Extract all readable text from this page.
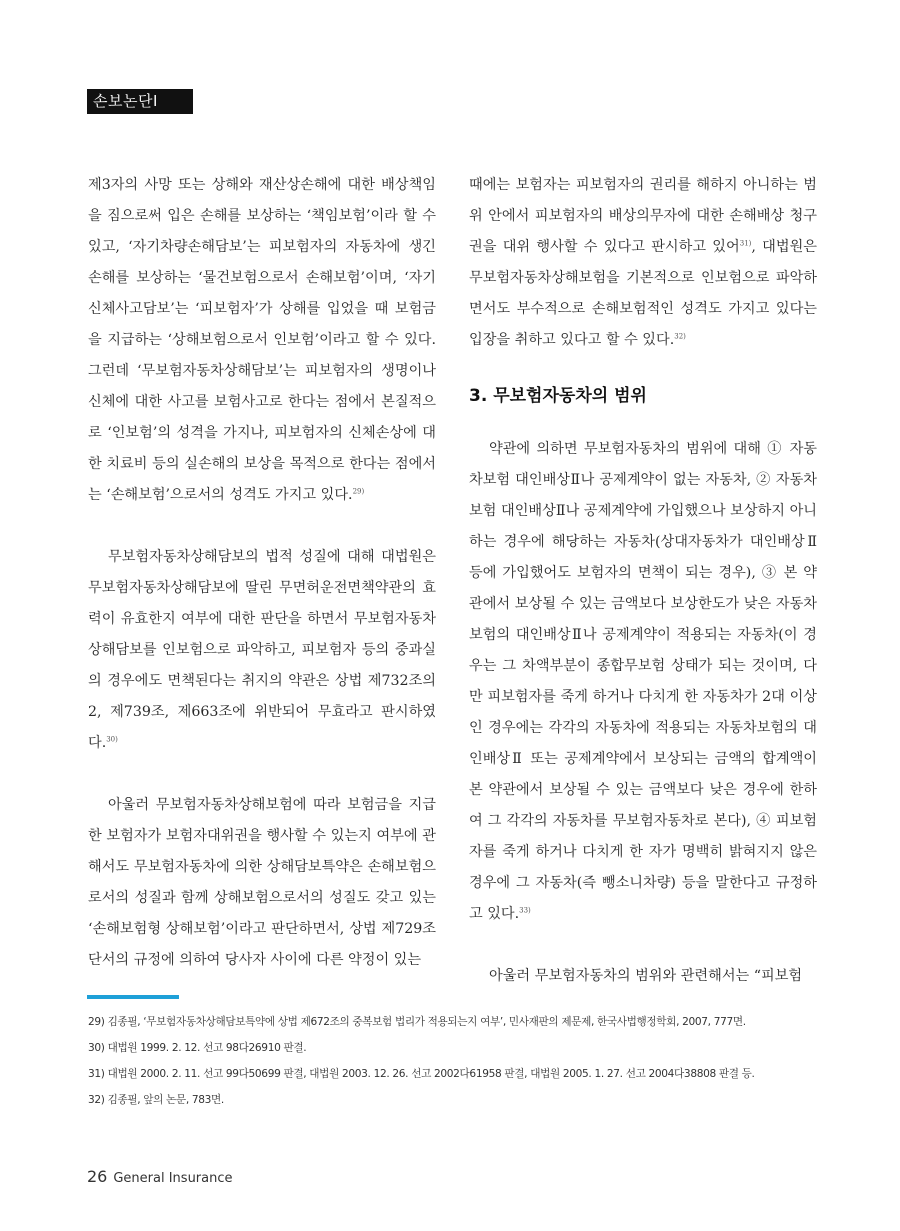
손보논단Ⅰ

제3자의 사망 또는 상해와 재산상손해에 대한 배상책임을 짐으로써 입은 손해를 보상하는 ‘책임보험’이라 할 수 있고, ‘자기차량손해담보’는 피보험자의 자동차에 생긴 손해를 보상하는 ‘물건보험으로서 손해보험’이며, ‘자기신체사고담보’는 ‘피보험자’가 상해를 입었을 때 보험금을 지급하는 ‘상해보험으로서 인보험’이라고 할 수 있다. 그런데 ‘무보험자동차상해담보’는 피보험자의 생명이나 신체에 대한 사고를 보험사고로 한다는 점에서 본질적으로 ‘인보험’의 성격을 가지나, 피보험자의 신체손상에 대한 치료비 등의 실손해의 보상을 목적으로 한다는 점에서는 ‘손해보험’으로서의 성격도 가지고 있다.$^{29)}$

무보험자동차상해담보의 법적 성질에 대해 대법원은 무보험자동차상해담보에 딸린 무면허운전면책약관의 효력이 유효한지 여부에 대한 판단을 하면서 무보험자동차상해담보를 인보험으로 파악하고, 피보험자 등의 중과실의 경우에도 면책된다는 취지의 약관은 상법 제732조의2, 제739조, 제663조에 위반되어 무효라고 판시하였다.$^{30)}$

아울러 무보험자동차상해보험에 따라 보험금을 지급한 보험자가 보험자대위권을 행사할 수 있는지 여부에 관해서도 무보험자동차에 의한 상해담보특약은 손해보험으로서의 성질과 함께 상해보험으로서의 성질도 갖고 있는 ‘손해보험형 상해보험’이라고 판단하면서, 상법 제729조 단서의 규정에 의하여 당사자 사이에 다른 약정이 있는

때에는 보험자는 피보험자의 권리를 해하지 아니하는 범위 안에서 피보험자의 배상의무자에 대한 손해배상 청구권을 대위 행사할 수 있다고 판시하고 있어$^{31)}$, 대법원은 무보험자동차상해보험을 기본적으로 인보험으로 파악하면서도 부수적으로 손해보험적인 성격도 가지고 있다는 입장을 취하고 있다고 할 수 있다.$^{32)}$

3. 무보험자동차의 범위

약관에 의하면 무보험자동차의 범위에 대해 ① 자동차보험 대인배상Ⅱ나 공제계약이 없는 자동차, ② 자동차보험 대인배상Ⅱ나 공제계약에 가입했으나 보상하지 아니하는 경우에 해당하는 자동차(상대자동차가 대인배상Ⅱ 등에 가입했어도 보험자의 면책이 되는 경우), ③ 본 약관에서 보상될 수 있는 금액보다 보상한도가 낮은 자동차보험의 대인배상Ⅱ나 공제계약이 적용되는 자동차(이 경우는 그 차액부분이 종합무보험 상태가 되는 것이며, 다만 피보험자를 죽게 하거나 다치게 한 자동차가 2대 이상인 경우에는 각각의 자동차에 적용되는 자동차보험의 대인배상Ⅱ 또는 공제계약에서 보상되는 금액의 합계액이 본 약관에서 보상될 수 있는 금액보다 낮은 경우에 한하여 그 각각의 자동차를 무보험자동차로 본다), ④ 피보험자를 죽게 하거나 다치게 한 자가 명백히 밝혀지지 않은 경우에 그 자동차(즉 뺑소니차량) 등을 말한다고 규정하고 있다.$^{33)}$

아울러 무보험자동차의 범위와 관련해서는 “피보험

29) 김종필, ‘무보험자동차상해담보특약에 상법 제672조의 중복보험 법리가 적용되는지 여부’, 민사재판의 제문제, 한국사법행정학회, 2007, 777면.
30) 대법원 1999. 2. 12. 선고 98다26910 판결.
31) 대법원 2000. 2. 11. 선고 99다50699 판결, 대법원 2003. 12. 26. 선고 2002다61958 판결, 대법원 2005. 1. 27. 선고 2004다38808 판결 등.
32) 김종필, 앞의 논문, 783면.
26 General Insurance
